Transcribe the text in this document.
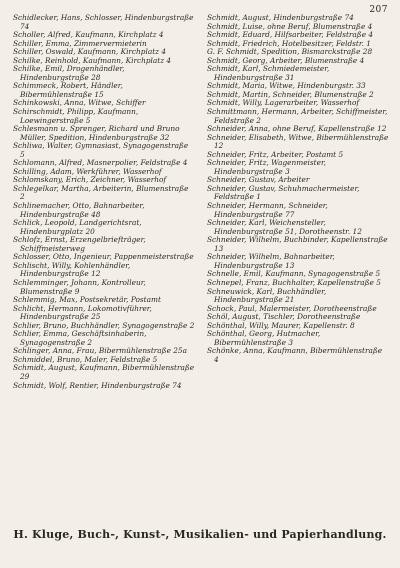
207
Schidlecker, Hans, Schlosser, Hindenburgstraße 74
Scholler, Alfred, Kaufmann, Kirchplatz 4
Schiller, Emma, Zimmervermieterin
Schiller, Oswald, Kaufmann, Kirchplatz 4
Schilke, Reinhold, Kaufmann, Kirchplatz 4
Schilke, Emil, Drogenhändler, Hindenburgstraße 28
Schimmeck, Robert, Händler, Bibermühlenstraße 15
Schinkowski, Anna, Witwe, Schiffer
Schirschmidt, Philipp, Kaufmann, Loewingerstraße 5
Schlesmann u. Sprenger, Richard und Bruno Müller, Spedition, Hindenburgstraße 32
Schliwa, Walter, Gymnasiast, Synagogenstraße 5
Schlomann, Alfred, Masnerpolier, Feldstraße 4
Schilling, Adam, Werkführer, Wasserhof
Schlomskany, Erich, Zeichner, Wasserhof
Schlegelkar, Martha, Arbeiterin, Blumenstraße 2
Schlinemacher, Otto, Bahnarbeiter, Hindenburgstraße 48
Schlick, Leopold, Landgerichtsrat, Hindenburgplatz 20
Schlofz, Ernst, Erzengelbriefträger, Schiffmeisterweg
Schlosser, Otto, Ingenieur, Pappenmeisterstraße
Schlischt, Willy, Kohlenhändler, Hindenburgstraße 12
Schlemminger, Johann, Kontrolleur, Blumenstraße 9
Schlemmig, Max, Postsekretär, Postamt
Schlicht, Hermann, Lokomotivführer, Hindenburgstraße 25
Schlier, Bruno, Buchhändler, Synagogenstraße 2
Schlier, Emma, Geschäftsinhaberin, Synagogenstraße 2
Schlinger, Anna, Frau, Bibermühlenstraße 25a
Schmiddel, Bruno, Maler, Feldstraße 5
Schmidt, August, Kaufmann, Bibermühlenstraße 29
Schmidt, Wolf, Rentier, Hindenburgstraße 74
Schmidt, August, Hindenburgstraße 74
Schmidt, Luise, ohne Beruf, Blumenstraße 4
Schmidt, Eduard, Hilfsarbeiter, Feldstraße 4
Schmidt, Friedrich, Hotelbesitzer, Feldstr. 1
G. F. Schmidt, Spedition, Bismarckstraße 28
Schmidt, Georg, Arbeiter, Blumenstraße 4
Schmidt, Karl, Schmiedemeister, Hindenburgstraße 31
Schmidt, Maria, Witwe, Hindenburgstr. 33
Schmidt, Martin, Schneider, Blumenstraße 2
Schmidt, Willy, Lagerarbeiter, Wasserhof
Schmittmann, Hermann, Arbeiter, Schiffmeister, Feldstraße 2
Schneider, Anna, ohne Beruf, Kapellenstraße 12
Schneider, Elisabeth, Witwe, Bibermühlenstraße 12
Schneider, Fritz, Arbeiter, Postamt 5
Schneider, Fritz, Wagenmeister, Hindenburgstraße 3
Schneider, Gustav, Arbeiter
Schneider, Gustav, Schuhmachermeister, Feldstraße 1
Schneider, Hermann, Schneider, Hindenburgstraße 77
Schneider, Karl, Weichensteller, Hindenburgstraße 51, Dorotheenstr. 12
Schneider, Wilhelm, Buchbinder, Kapellenstraße 13
Schneider, Wilhelm, Bahnarbeiter, Hindenburgstraße 13
Schnelle, Emil, Kaufmann, Synagogenstraße 5
Schnepel, Franz, Buchhalter, Kapellenstraße 5
Schneuwick, Karl, Buchhändler, Hindenburgstraße 21
Schock, Paul, Malermeister, Dorotheenstraße
Schöl, August, Tischler, Dorotheenstraße
Schönthal, Willy, Maurer, Kapellenstr. 8
Schönthal, Georg, Hutmacher, Bibermühlenstraße 3
Schönke, Anna, Kaufmann, Bibermühlenstraße 4
H. Kluge, Buch-, Kunst-, Musikalien- und Papierhandlung.
